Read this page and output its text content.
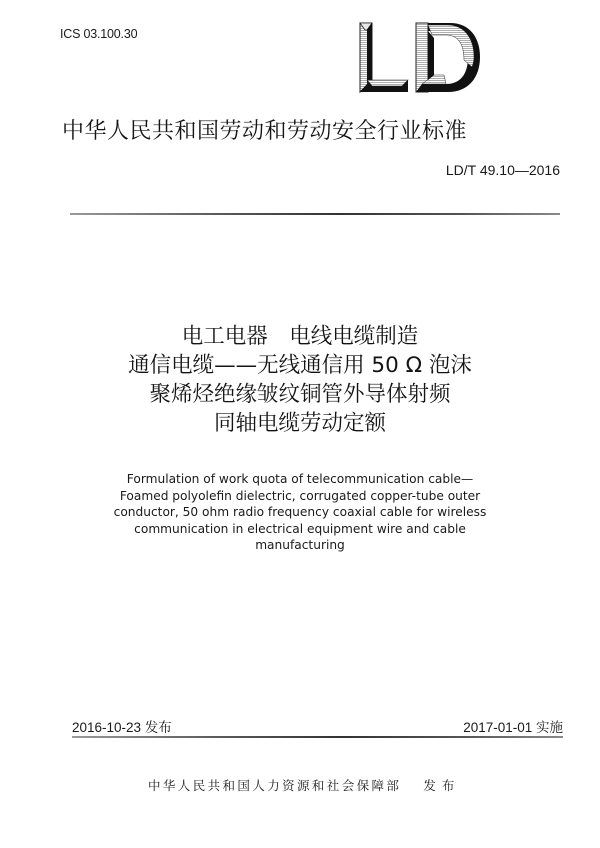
ICS 03.100.30
中华人民共和国劳动和劳动安全行业标准
LD/T 49.10—2016
电工电器　电线电缆制造
通信电缆——无线通信用 50 Ω 泡沫
聚烯烃绝缘皱纹铜管外导体射频
同轴电缆劳动定额
Formulation of work quota of telecommunication cable—
Foamed polyolefin dielectric, corrugated copper-tube outer
conductor, 50 ohm radio frequency coaxial cable for wireless
communication in electrical equipment wire and cable
manufacturing
2016-10-23 发布	2017-01-01 实施
中华人民共和国人力资源和社会保障部 发布
